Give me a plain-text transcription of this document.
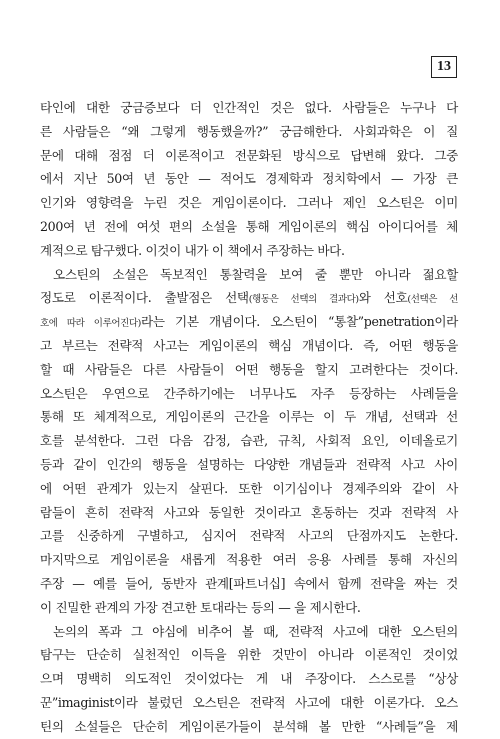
13
타인에 대한 궁금증보다 더 인간적인 것은 없다. 사람들은 누구나 다
른 사람들은 “왜 그렇게 행동했을까?” 궁금해한다. 사회과학은 이 질
문에 대해 점점 더 이론적이고 전문화된 방식으로 답변해 왔다. 그중
에서 지난 50여 년 동안 — 적어도 경제학과 정치학에서 — 가장 큰
인기와 영향력을 누린 것은 게임이론이다. 그러나 제인 오스틴은 이미
200여 년 전에 여섯 편의 소설을 통해 게임이론의 핵심 아이디어를 체
계적으로 탐구했다. 이것이 내가 이 책에서 주장하는 바다.
오스틴의 소설은 독보적인 통찰력을 보여 줄 뿐만 아니라 젊요할
정도로 이론적이다. 출발점은 선택(행동은 선택의 결과다)와 선호(선택은 선
호에 따라 이루어진다)라는 기본 개념이다. 오스틴이 “통찰”penetration이라
고 부르는 전략적 사고는 게임이론의 핵심 개념이다. 즉, 어떤 행동을
할 때 사람들은 다른 사람들이 어떤 행동을 할지 고려한다는 것이다.
오스틴은 우연으로 간주하기에는 너무나도 자주 등장하는 사례들을
통해 또 체계적으로, 게임이론의 근간을 이루는 이 두 개념, 선택과 선
호를 분석한다. 그런 다음 감정, 습관, 규칙, 사회적 요인, 이데올로기
등과 같이 인간의 행동을 설명하는 다양한 개념들과 전략적 사고 사이
에 어떤 관계가 있는지 살핀다. 또한 이기심이나 경제주의와 같이 사
람들이 흔히 전략적 사고와 동일한 것이라고 혼동하는 것과 전략적 사
고를 신중하게 구별하고, 심지어 전략적 사고의 단점까지도 논한다.
마지막으로 게임이론을 새롭게 적용한 여러 응용 사례를 통해 자신의
주장 — 예를 들어, 동반자 관계[파트너십] 속에서 함께 전략을 짜는 것
이 진밀한 관계의 가장 견고한 토대라는 등의 — 을 제시한다.
논의의 폭과 그 야심에 비추어 볼 때, 전략적 사고에 대한 오스틴의
탐구는 단순히 실천적인 이득을 위한 것만이 아니라 이론적인 것이었
으며 명백히 의도적인 것이었다는 게 내 주장이다. 스스로를 “상상
꾼”imaginist이라 불렀던 오스틴은 전략적 사고에 대한 이론가다. 오스
틴의 소설들은 단순히 게임이론가들이 분석해 볼 만한 “사례들”을 제
